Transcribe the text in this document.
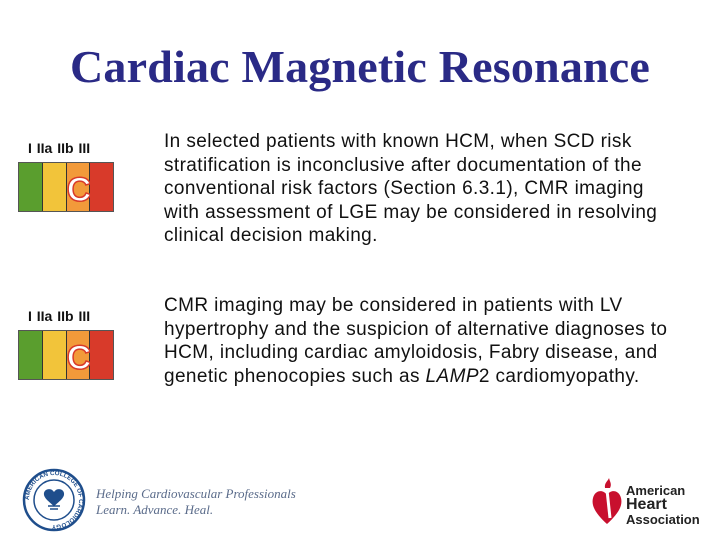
Cardiac Magnetic Resonance
I IIa IIb III
C
In selected patients with known HCM, when SCD risk stratification is inconclusive after documentation of the conventional risk factors (Section 6.3.1), CMR imaging with assessment of LGE may be considered in resolving clinical decision making.
I IIa IIb III
C
CMR imaging may be considered in patients with LV hypertrophy and the suspicion of alternative diagnoses to HCM, including cardiac amyloidosis, Fabry disease, and genetic phenocopies such as LAMP2 cardiomyopathy.
AMERICAN COLLEGE OF CARDIOLOGY
Helping Cardiovascular Professionals
Learn. Advance. Heal.
American
Heart
Association
